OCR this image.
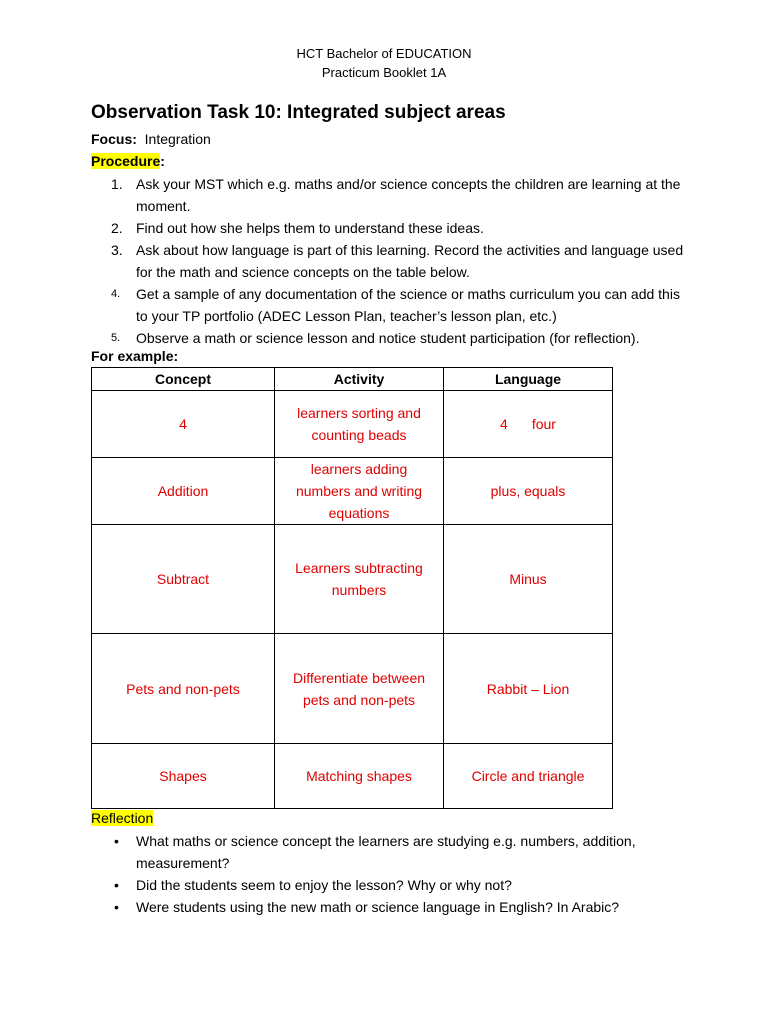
HCT Bachelor of EDUCATION
Practicum Booklet 1A
Observation Task 10: Integrated subject areas
Focus: Integration
Procedure:
1. Ask your MST which e.g. maths and/or science concepts the children are learning at the moment.
2. Find out how she helps them to understand these ideas.
3. Ask about how language is part of this learning. Record the activities and language used for the math and science concepts on the table below.
4. Get a sample of any documentation of the science or maths curriculum you can add this to your TP portfolio (ADEC Lesson Plan, teacher’s lesson plan, etc.)
5. Observe a math or science lesson and notice student participation (for reflection).
For example:
Concept	Activity	Language
4	learners sorting and counting beads	4 four
Addition	learners adding numbers and writing equations	plus, equals
Subtract	Learners subtracting numbers	Minus
Pets and non-pets	Differentiate between pets and non-pets	Rabbit – Lion
Shapes	Matching shapes	Circle and triangle
Reflection
• What maths or science concept the learners are studying e.g. numbers, addition, measurement?
• Did the students seem to enjoy the lesson? Why or why not?
• Were students using the new math or science language in English? In Arabic?
